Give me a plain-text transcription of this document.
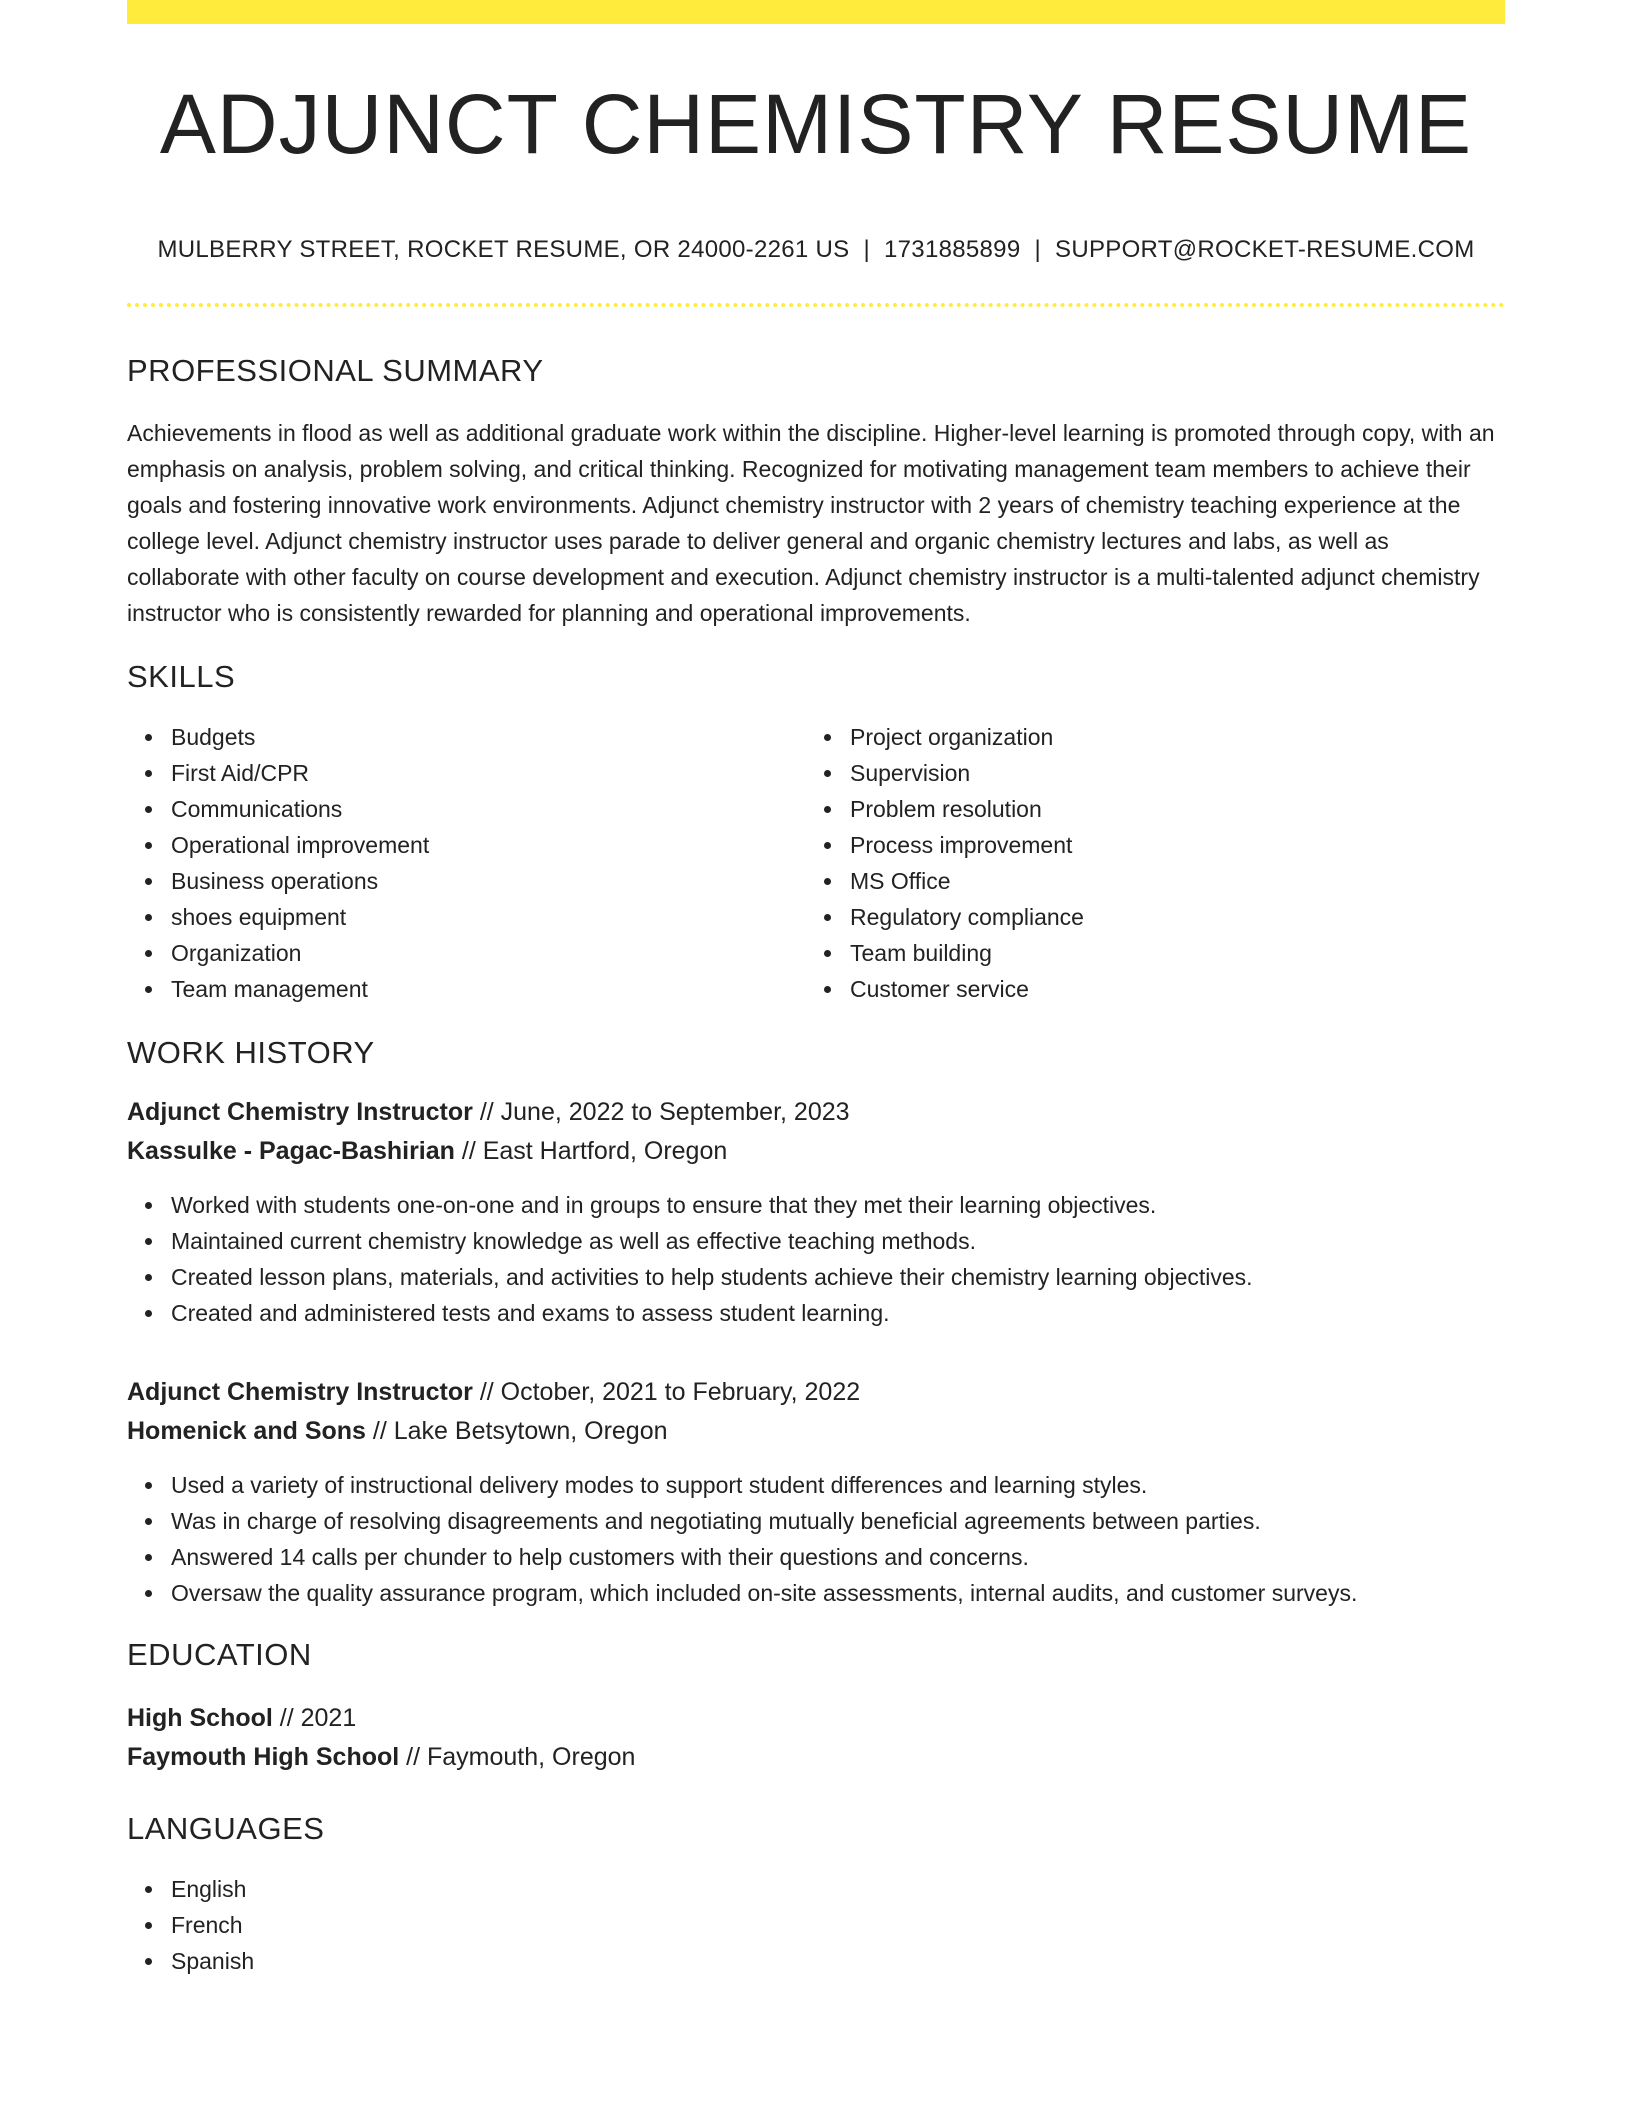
ADJUNCT CHEMISTRY RESUME
MULBERRY STREET, ROCKET RESUME, OR 24000-2261 US | 1731885899 | SUPPORT@ROCKET-RESUME.COM
PROFESSIONAL SUMMARY
Achievements in flood as well as additional graduate work within the discipline. Higher-level learning is promoted through copy, with an emphasis on analysis, problem solving, and critical thinking. Recognized for motivating management team members to achieve their goals and fostering innovative work environments. Adjunct chemistry instructor with 2 years of chemistry teaching experience at the college level. Adjunct chemistry instructor uses parade to deliver general and organic chemistry lectures and labs, as well as collaborate with other faculty on course development and execution. Adjunct chemistry instructor is a multi-talented adjunct chemistry instructor who is consistently rewarded for planning and operational improvements.
SKILLS
Budgets
First Aid/CPR
Communications
Operational improvement
Business operations
shoes equipment
Organization
Team management
Project organization
Supervision
Problem resolution
Process improvement
MS Office
Regulatory compliance
Team building
Customer service
WORK HISTORY
Adjunct Chemistry Instructor // June, 2022 to September, 2023
Kassulke - Pagac-Bashirian // East Hartford, Oregon
Worked with students one-on-one and in groups to ensure that they met their learning objectives.
Maintained current chemistry knowledge as well as effective teaching methods.
Created lesson plans, materials, and activities to help students achieve their chemistry learning objectives.
Created and administered tests and exams to assess student learning.
Adjunct Chemistry Instructor // October, 2021 to February, 2022
Homenick and Sons // Lake Betsytown, Oregon
Used a variety of instructional delivery modes to support student differences and learning styles.
Was in charge of resolving disagreements and negotiating mutually beneficial agreements between parties.
Answered 14 calls per chunder to help customers with their questions and concerns.
Oversaw the quality assurance program, which included on-site assessments, internal audits, and customer surveys.
EDUCATION
High School // 2021
Faymouth High School // Faymouth, Oregon
LANGUAGES
English
French
Spanish
